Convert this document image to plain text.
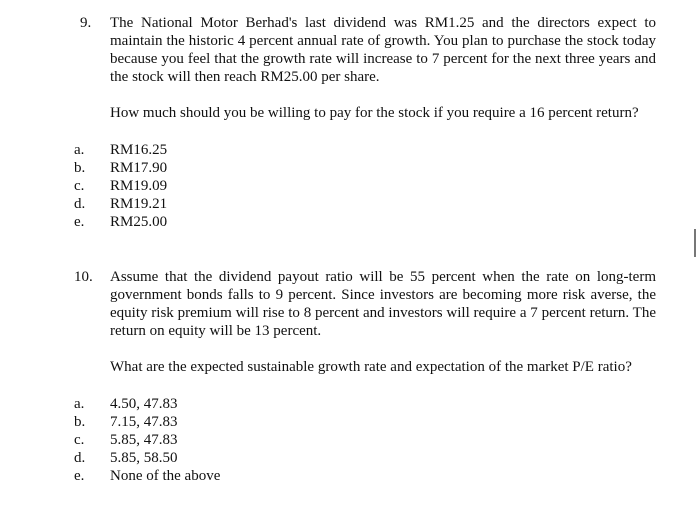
9. The National Motor Berhad's last dividend was RM1.25 and the directors expect to maintain the historic 4 percent annual rate of growth. You plan to purchase the stock today because you feel that the growth rate will increase to 7 percent for the next three years and the stock will then reach RM25.00 per share.
How much should you be willing to pay for the stock if you require a 16 percent return?
a. RM16.25
b. RM17.90
c. RM19.09
d. RM19.21
e. RM25.00
10. Assume that the dividend payout ratio will be 55 percent when the rate on long-term government bonds falls to 9 percent. Since investors are becoming more risk averse, the equity risk premium will rise to 8 percent and investors will require a 7 percent return. The return on equity will be 13 percent.
What are the expected sustainable growth rate and expectation of the market P/E ratio?
a. 4.50, 47.83
b. 7.15, 47.83
c. 5.85, 47.83
d. 5.85, 58.50
e. None of the above
